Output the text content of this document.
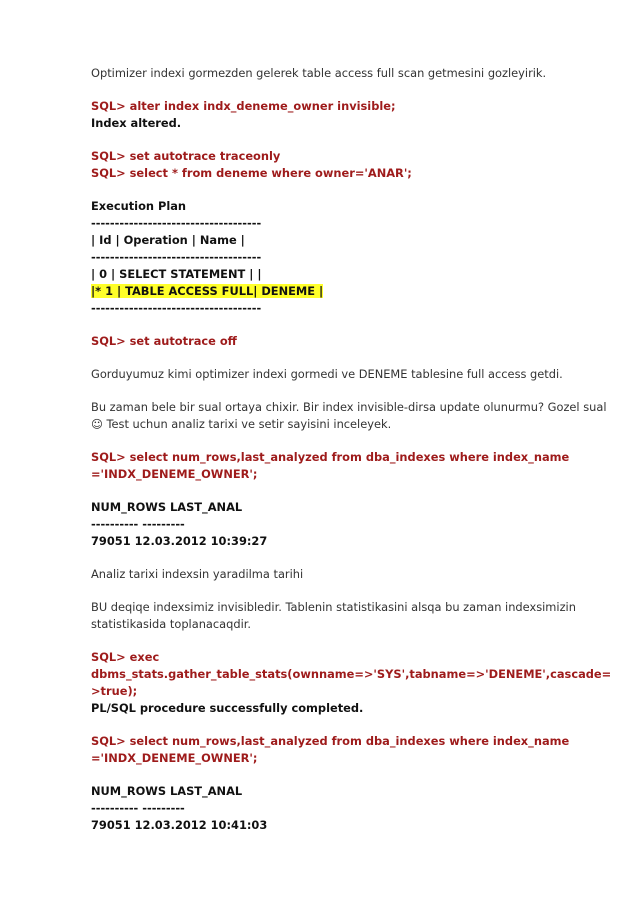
Optimizer indexi gormezden gelerek table access full scan getmesini gozleyirik.
SQL> alter index indx_deneme_owner invisible;
Index altered.
SQL> set autotrace traceonly
SQL> select * from deneme where owner='ANAR';
Execution Plan
------------------------------------
| Id | Operation | Name |
------------------------------------
| 0 | SELECT STATEMENT | |
|* 1 | TABLE ACCESS FULL| DENEME |
------------------------------------
SQL> set autotrace off
Gorduyumuz kimi optimizer indexi gormedi ve DENEME tablesine full access getdi.
Bu zaman bele bir sual ortaya chixir. Bir index invisible-dirsa update olunurmu? Gozel sual
☺ Test uchun analiz tarixi ve setir sayisini inceleyek.
SQL> select num_rows,last_analyzed from dba_indexes where index_name
='INDX_DENEME_OWNER';
NUM_ROWS LAST_ANAL
---------- ---------
79051 12.03.2012 10:39:27
Analiz tarixi indexsin yaradilma tarihi
BU deqiqe indexsimiz invisibledir. Tablenin statistikasini alsqa bu zaman indexsimizin
statistikasida toplanacaqdir.
SQL> exec
dbms_stats.gather_table_stats(ownname=>'SYS',tabname=>'DENEME',cascade=
>true);
PL/SQL procedure successfully completed.
SQL> select num_rows,last_analyzed from dba_indexes where index_name
='INDX_DENEME_OWNER';
NUM_ROWS LAST_ANAL
---------- ---------
79051 12.03.2012 10:41:03
